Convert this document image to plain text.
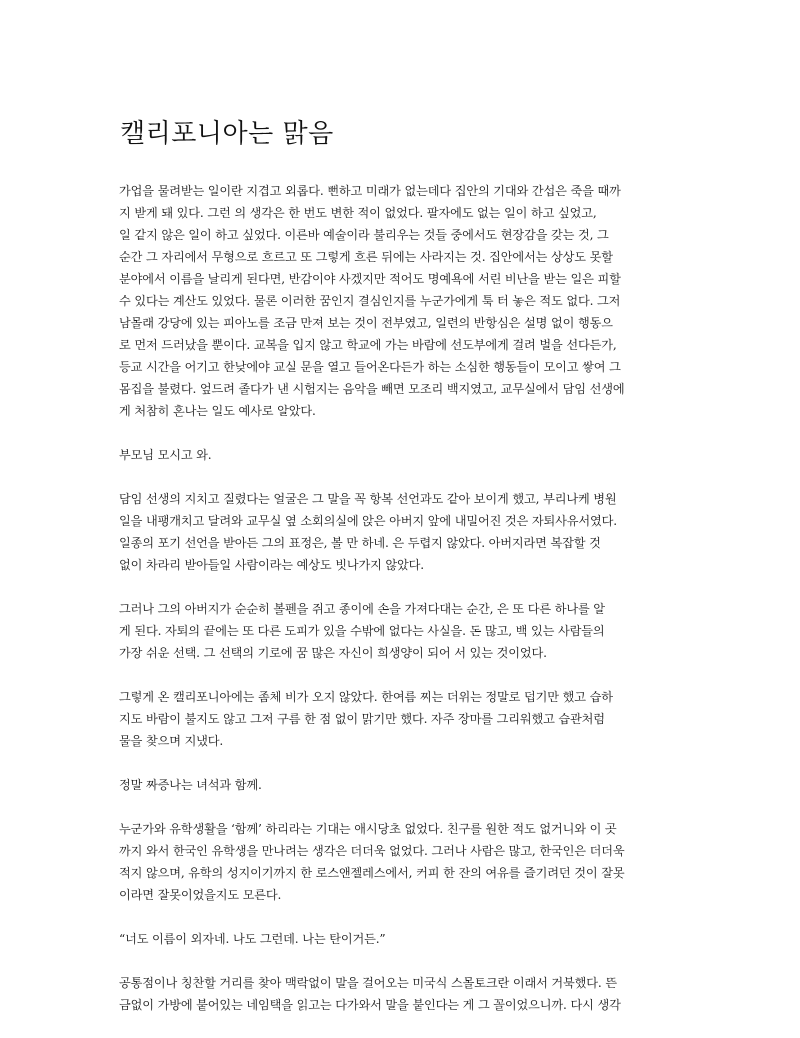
캘리포니아는 맑음

가업을 물려받는 일이란 지겹고 외롭다. 뻔하고 미래가 없는데다 집안의 기대와 간섭은 죽을 때까
지 받게 돼 있다. 그런 의 생각은 한 번도 변한 적이 없었다. 팔자에도 없는 일이 하고 싶었고,
일 같지 않은 일이 하고 싶었다. 이른바 예술이라 불리우는 것들 중에서도 현장감을 갖는 것, 그
순간 그 자리에서 무형으로 흐르고 또 그렇게 흐른 뒤에는 사라지는 것. 집안에서는 상상도 못할
분야에서 이름을 날리게 된다면, 반감이야 사겠지만 적어도 명예욕에 서린 비난을 받는 일은 피할
수 있다는 계산도 있었다. 물론 이러한 꿈인지 결심인지를 누군가에게 툭 터 놓은 적도 없다. 그저
남몰래 강당에 있는 피아노를 조금 만져 보는 것이 전부였고, 일련의 반항심은 설명 없이 행동으
로 먼저 드러났을 뿐이다. 교복을 입지 않고 학교에 가는 바람에 선도부에게 걸려 벌을 선다든가,
등교 시간을 어기고 한낮에야 교실 문을 열고 들어온다든가 하는 소심한 행동들이 모이고 쌓여 그
몸집을 불렸다. 엎드려 졸다가 낸 시험지는 음악을 빼면 모조리 백지였고, 교무실에서 담임 선생에
게 처참히 혼나는 일도 예사로 알았다.

부모님 모시고 와.

담임 선생의 지치고 질렸다는 얼굴은 그 말을 꼭 항복 선언과도 같아 보이게 했고, 부리나케 병원
일을 내팽개치고 달려와 교무실 옆 소회의실에 앉은 아버지 앞에 내밀어진 것은 자퇴사유서였다.
일종의 포기 선언을 받아든 그의 표정은, 볼 만 하네. 은 두렵지 않았다. 아버지라면 복잡할 것
없이 차라리 받아들일 사람이라는 예상도 빗나가지 않았다.

그러나 그의 아버지가 순순히 볼펜을 쥐고 종이에 손을 가져다대는 순간, 은 또 다른 하나를 알
게 된다. 자퇴의 끝에는 또 다른 도피가 있을 수밖에 없다는 사실을. 돈 많고, 백 있는 사람들의
가장 쉬운 선택. 그 선택의 기로에 꿈 많은 자신이 희생양이 되어 서 있는 것이었다.

그렇게 온 캘리포니아에는 좀체 비가 오지 않았다. 한여름 찌는 더위는 정말로 덥기만 했고 습하
지도 바람이 불지도 않고 그저 구름 한 점 없이 맑기만 했다. 자주 장마를 그리워했고 습관처럼
물을 찾으며 지냈다.

정말 짜증나는 녀석과 함께.

누군가와 유학생활을 ‘함께’ 하리라는 기대는 애시당초 없었다. 친구를 원한 적도 없거니와 이 곳
까지 와서 한국인 유학생을 만나려는 생각은 더더욱 없었다. 그러나 사람은 많고, 한국인은 더더욱
적지 않으며, 유학의 성지이기까지 한 로스앤젤레스에서, 커피 한 잔의 여유를 즐기려던 것이 잘못
이라면 잘못이었을지도 모른다.

“너도 이름이 외자네. 나도 그런데. 나는 탄이거든.”

공통점이나 칭찬할 거리를 찾아 맥락없이 말을 걸어오는 미국식 스몰토크란 이래서 거북했다. 뜬
금없이 가방에 붙어있는 네임택을 읽고는 다가와서 말을 붙인다는 게 그 꼴이었으니까. 다시 생각
